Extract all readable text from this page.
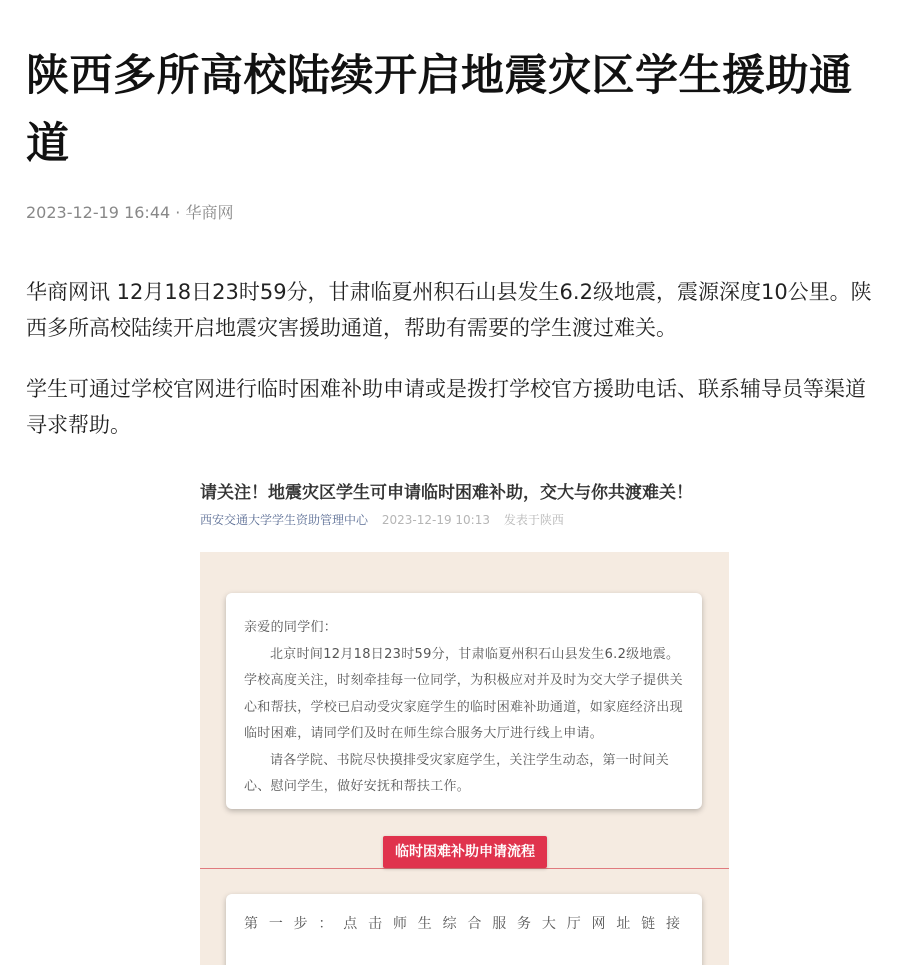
陕西多所高校陆续开启地震灾区学生援助通道
2023-12-19 16:44 · 华商网

华商网讯 12月18日23时59分，甘肃临夏州积石山县发生6.2级地震，震源深度10公里。陕西多所高校陆续开启地震灾害援助通道，帮助有需要的学生渡过难关。

学生可通过学校官网进行临时困难补助申请或是拨打学校官方援助电话、联系辅导员等渠道寻求帮助。

请关注！地震灾区学生可申请临时困难补助，交大与你共渡难关！
西安交通大学学生资助管理中心 2023-12-19 10:13 发表于陕西

亲爱的同学们：

北京时间12月18日23时59分，甘肃临夏州积石山县发生6.2级地震。学校高度关注，时刻牵挂每一位同学，为积极应对并及时为交大学子提供关心和帮扶，学校已启动受灾家庭学生的临时困难补助通道，如家庭经济出现临时困难，请同学们及时在师生综合服务大厅进行线上申请。

请各学院、书院尽快摸排受灾家庭学生，关注学生动态，第一时间关心、慰问学生，做好安抚和帮扶工作。

临时困难补助申请流程

第一步：点击师生综合服务大厅网址链接
